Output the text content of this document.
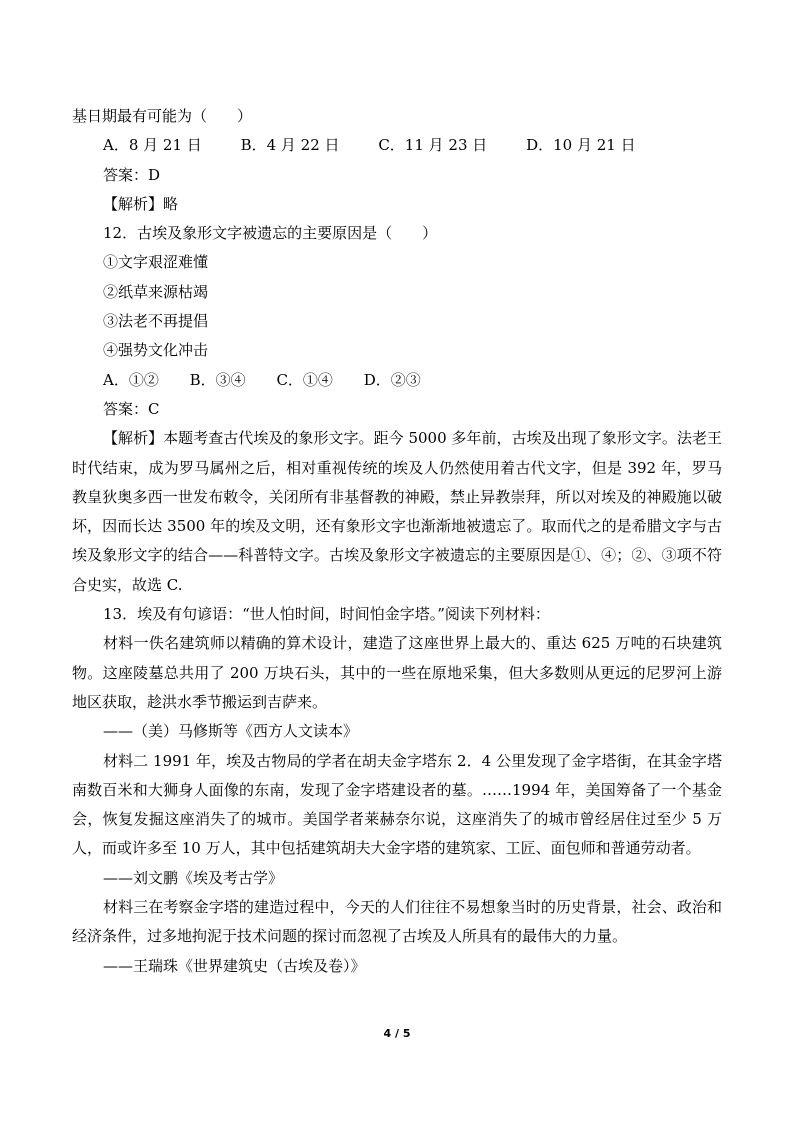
基日期最有可能为（　　）
A．8 月 21 日	B．4 月 22 日	C．11 月 23 日	D．10 月 21 日
答案：D
【解析】略
12．古埃及象形文字被遗忘的主要原因是（　　）
①文字艰涩难懂
②纸草来源枯竭
③法老不再提倡
④强势文化冲击
A．①② B．③④ C．①④ D．②③
答案：C
【解析】本题考查古代埃及的象形文字。距今 5000 多年前，古埃及出现了象形文字。法老王时代结束，成为罗马属州之后，相对重视传统的埃及人仍然使用着古代文字，但是 392 年，罗马教皇狄奥多西一世发布敕令，关闭所有非基督教的神殿，禁止异教崇拜，所以对埃及的神殿施以破坏，因而长达 3500 年的埃及文明，还有象形文字也渐渐地被遗忘了。取而代之的是希腊文字与古埃及象形文字的结合——科普特文字。古埃及象形文字被遗忘的主要原因是①、④；②、③项不符合史实，故选 C.
13．埃及有句谚语：“世人怕时间，时间怕金字塔。”阅读下列材料：
材料一佚名建筑师以精确的算术设计，建造了这座世界上最大的、重达 625 万吨的石块建筑物。这座陵墓总共用了 200 万块石头，其中的一些在原地采集，但大多数则从更远的尼罗河上游地区获取，趁洪水季节搬运到吉萨来。
——（美）马修斯等《西方人文读本》
材料二 1991 年，埃及古物局的学者在胡夫金字塔东 2．4 公里发现了金字塔街，在其金字塔南数百米和大狮身人面像的东南，发现了金字塔建设者的墓。……1994 年，美国筹备了一个基金会，恢复发掘这座消失了的城市。美国学者莱赫奈尔说，这座消失了的城市曾经居住过至少 5 万人，而或许多至 10 万人，其中包括建筑胡夫大金字塔的建筑家、工匠、面包师和普通劳动者。
——刘文鹏《埃及考古学》
材料三在考察金字塔的建造过程中，今天的人们往往不易想象当时的历史背景，社会、政治和经济条件，过多地拘泥于技术问题的探讨而忽视了古埃及人所具有的最伟大的力量。
——王瑞珠《世界建筑史（古埃及卷）》
4 / 5
